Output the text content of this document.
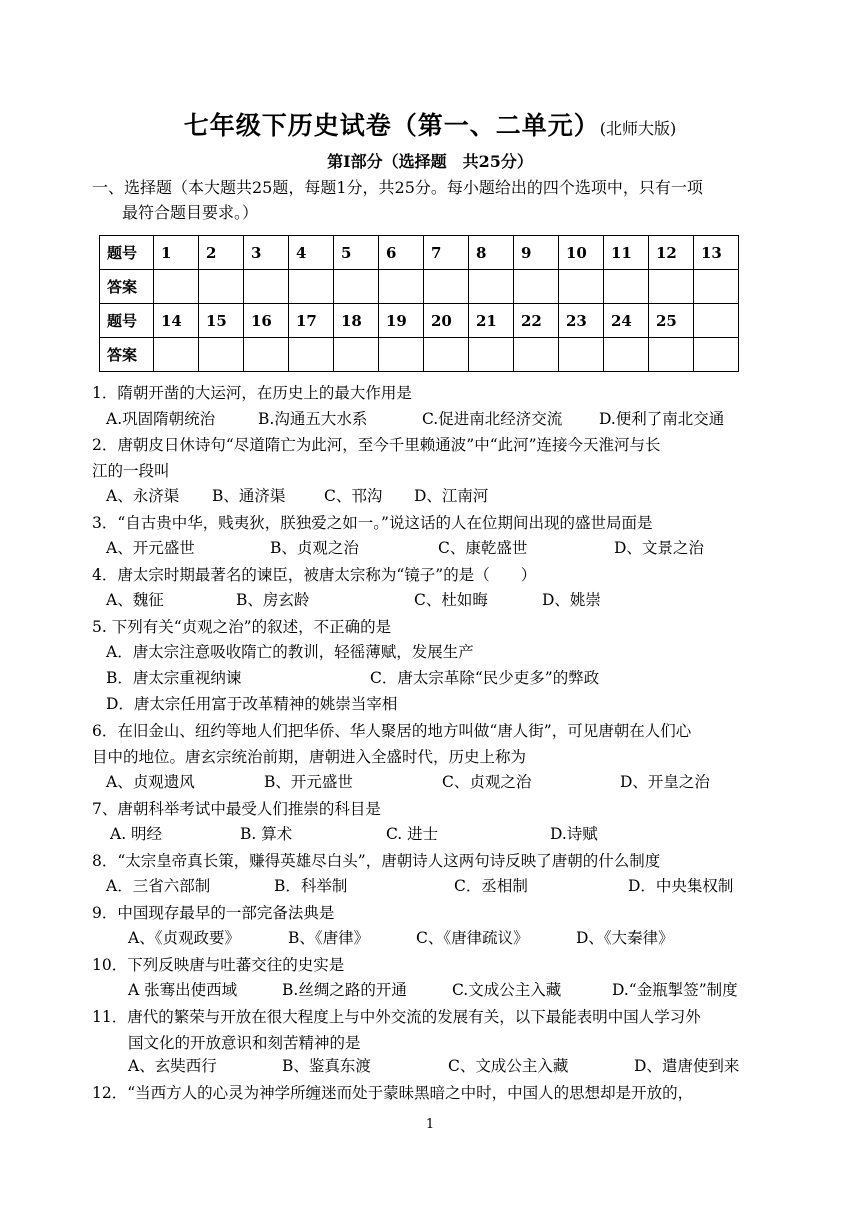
七年级下历史试卷（第一、二单元）(北师大版)
第Ⅰ部分（选择题　共25分）
一、选择题（本大题共25题，每题1分，共25分。每小题给出的四个选项中，只有一项
最符合题目要求。）
题号	1	2	3	4	5	6	7	8	9	10	11	12	13
答案													
题号	14	15	16	17	18	19	20	21	22	23	24	25	
答案													
1．隋朝开凿的大运河，在历史上的最大作用是
A.巩固隋朝统治	B.沟通五大水系	C.促进南北经济交流 D.便利了南北交通
2．唐朝皮日休诗句“尽道隋亡为此河，至今千里赖通波”中“此河”连接今天淮河与长
江的一段叫
A、永济渠 B、通济渠 C、邗沟 D、江南河
3．“自古贵中华，贱夷狄，朕独爱之如一。”说这话的人在位期间出现的盛世局面是
A、开元盛世	B、贞观之治	C、康乾盛世	D、文景之治
4．唐太宗时期最著名的谏臣，被唐太宗称为“镜子”的是（　　）
A、魏征	B、房玄龄	C、杜如晦	D、姚崇
5. 下列有关“贞观之治”的叙述，不正确的是
A．唐太宗注意吸收隋亡的教训，轻徭薄赋，发展生产
B．唐太宗重视纳谏	C．唐太宗革除“民少吏多”的弊政
D．唐太宗任用富于改革精神的姚崇当宰相
6．在旧金山、纽约等地人们把华侨、华人聚居的地方叫做“唐人街”，可见唐朝在人们心
目中的地位。唐玄宗统治前期，唐朝进入全盛时代，历史上称为
A、贞观遗风	B、开元盛世	C、贞观之治	D、开皇之治
7、唐朝科举考试中最受人们推崇的科目是
A. 明经	B. 算术	C. 进士	D.诗赋
8．“太宗皇帝真长策，赚得英雄尽白头”，唐朝诗人这两句诗反映了唐朝的什么制度
A．三省六部制	B．科举制	C．丞相制	D．中央集权制
9．中国现存最早的一部完备法典是
A、《贞观政要》	B、《唐律》	C、《唐律疏议》	D、《大秦律》
10．下列反映唐与吐蕃交往的史实是
A 张骞出使西域	B.丝绸之路的开通	C.文成公主入藏	D.“金瓶掣签”制度
11．唐代的繁荣与开放在很大程度上与中外交流的发展有关，以下最能表明中国人学习外
国文化的开放意识和刻苦精神的是
A、玄奘西行	B、鉴真东渡	C、文成公主入藏	D、遣唐使到来
12．“当西方人的心灵为神学所缠迷而处于蒙昧黑暗之中时，中国人的思想却是开放的，
1
